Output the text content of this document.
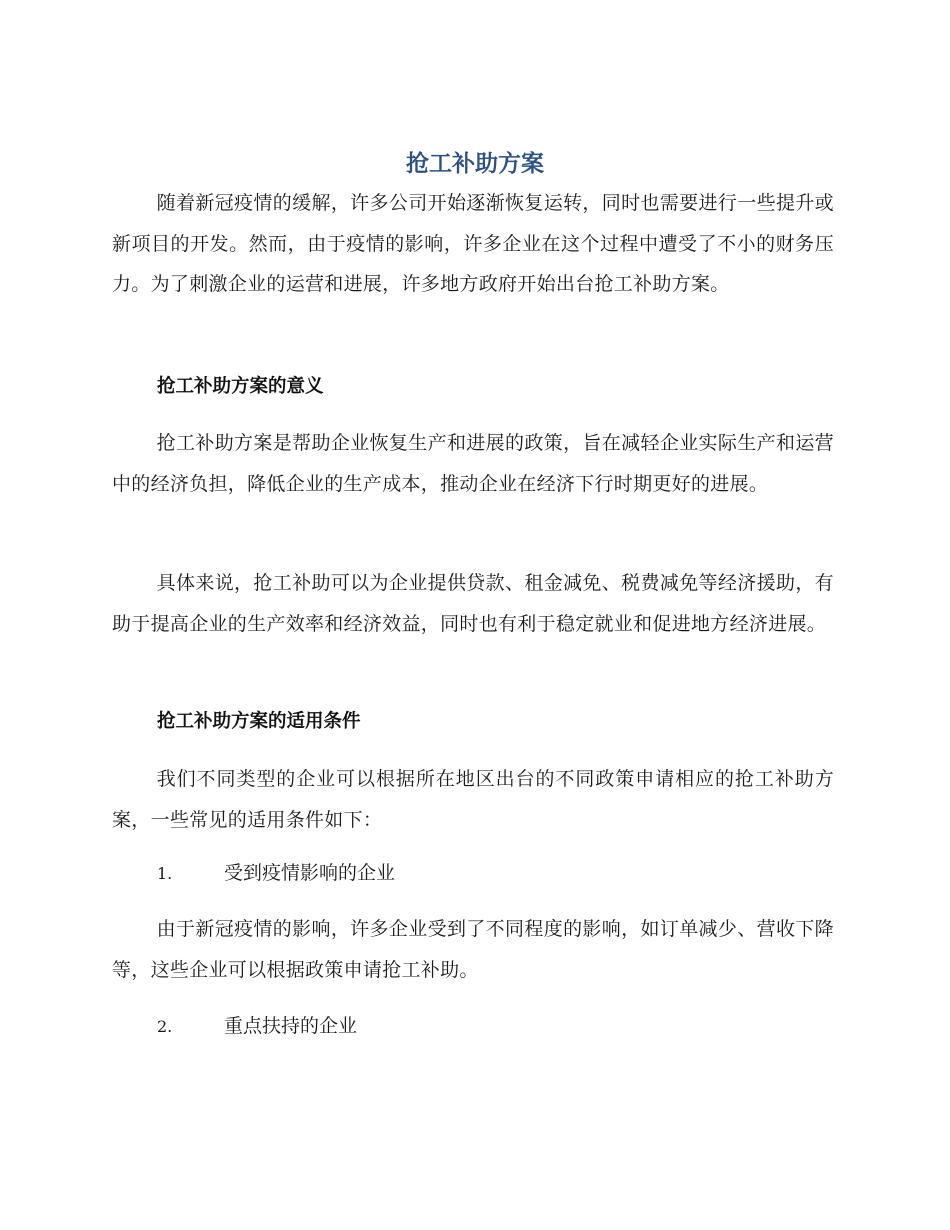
抢工补助方案

随着新冠疫情的缓解，许多公司开始逐渐恢复运转，同时也需要进行一些提升或新项目的开发。然而，由于疫情的影响，许多企业在这个过程中遭受了不小的财务压力。为了刺激企业的运营和进展，许多地方政府开始出台抢工补助方案。

抢工补助方案的意义

抢工补助方案是帮助企业恢复生产和进展的政策，旨在减轻企业实际生产和运营中的经济负担，降低企业的生产成本，推动企业在经济下行时期更好的进展。

具体来说，抢工补助可以为企业提供贷款、租金减免、税费减免等经济援助，有助于提高企业的生产效率和经济效益，同时也有利于稳定就业和促进地方经济进展。

抢工补助方案的适用条件

我们不同类型的企业可以根据所在地区出台的不同政策申请相应的抢工补助方案，一些常见的适用条件如下：

1.	受到疫情影响的企业

由于新冠疫情的影响，许多企业受到了不同程度的影响，如订单减少、营收下降等，这些企业可以根据政策申请抢工补助。

2.	重点扶持的企业
